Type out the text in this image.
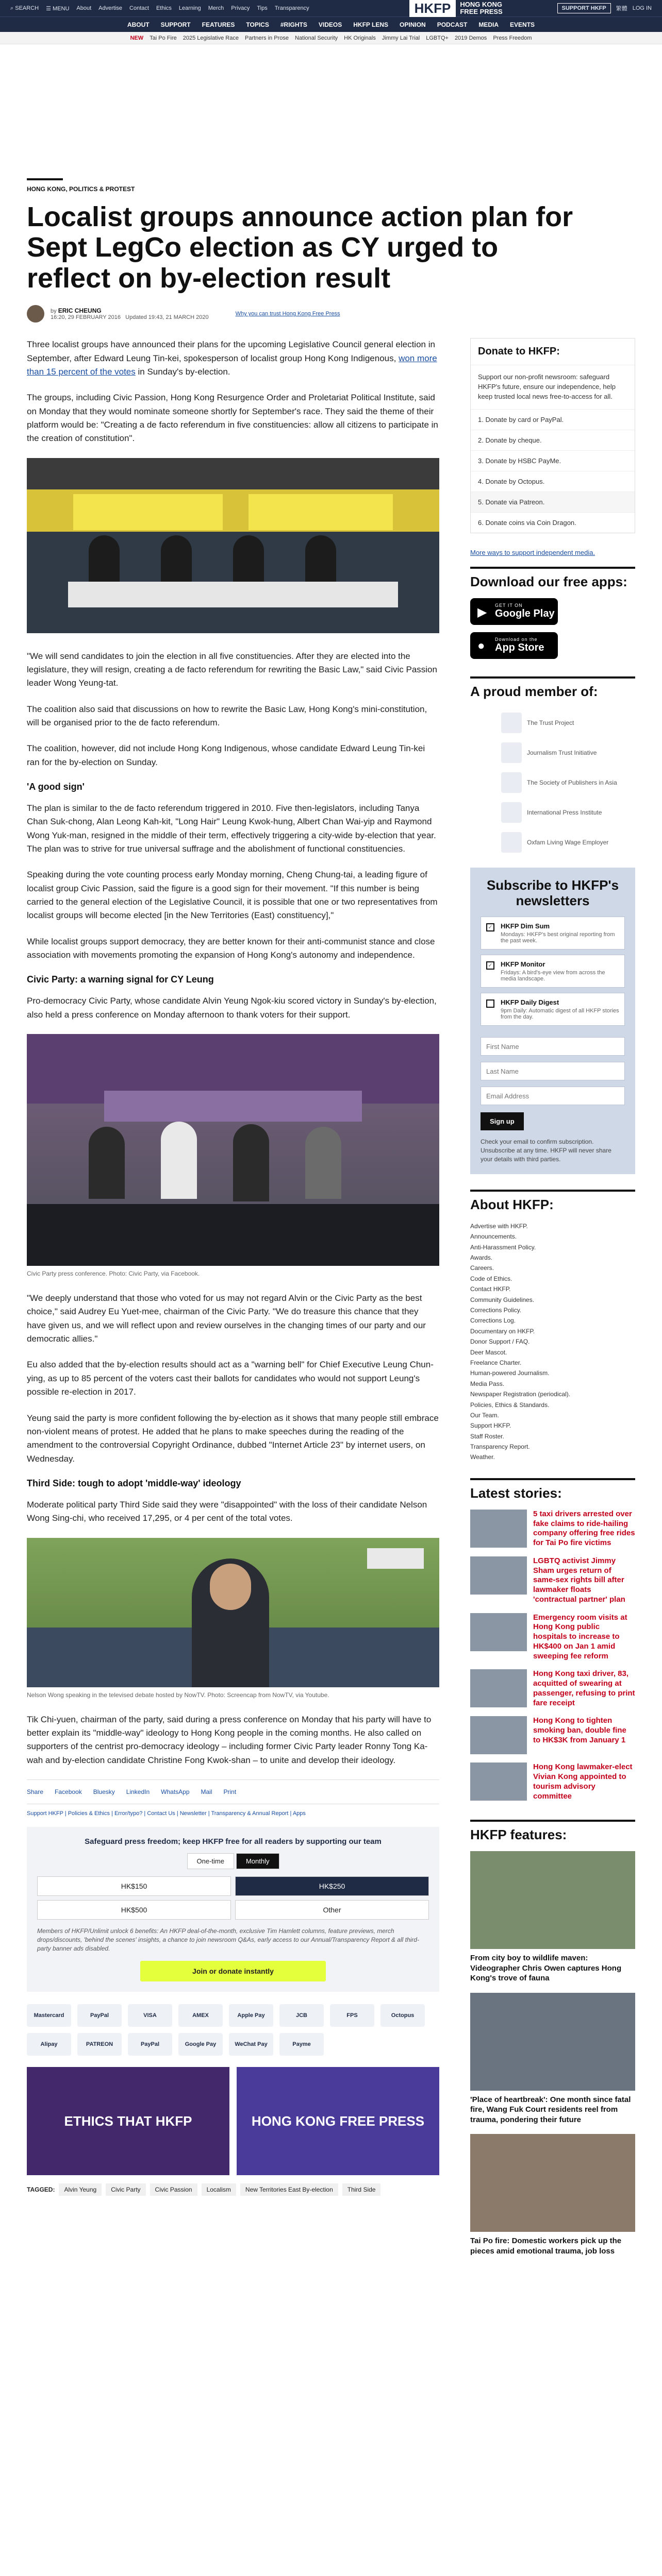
⌕ SEARCH ☰ MENU About Advertise Contact Ethics Learning Merch Privacy Tips Transparency	HKFP	HONG KONG
FREE PRESS	SUPPORT HKFP	繁體 LOG IN
ABOUT SUPPORT FEATURES TOPICS #RIGHTS VIDEOS HKFP LENS OPINION PODCAST MEDIA EVENTS
NEW Tai Po Fire 2025 Legislative Race Partners in Prose National Security HK Originals Jimmy Lai Trial LGBTQ+ 2019 Demos Press Freedom
HONG KONG, POLITICS & PROTEST
Localist groups announce action plan for Sept LegCo election as CY urged to reflect on by-election result
by ERIC CHEUNG
16:20, 29 FEBRUARY 2016 Updated 19:43, 21 MARCH 2020
Why you can trust Hong Kong Free Press

Three localist groups have announced their plans for the upcoming Legislative Council general election in September, after Edward Leung Tin-kei, spokesperson of localist group Hong Kong Indigenous, won more than 15 percent of the votes in Sunday's by-election.

The groups, including Civic Passion, Hong Kong Resurgence Order and Proletariat Political Institute, said on Monday that they would nominate someone shortly for September's race. They said the theme of their platform would be: "Creating a de facto referendum in five constituencies: allow all citizens to participate in the creation of constitution".

"We will send candidates to join the election in all five constituencies. After they are elected into the legislature, they will resign, creating a de facto referendum for rewriting the Basic Law," said Civic Passion leader Wong Yeung-tat.

The coalition also said that discussions on how to rewrite the Basic Law, Hong Kong's mini-constitution, will be organised prior to the de facto referendum.

The coalition, however, did not include Hong Kong Indigenous, whose candidate Edward Leung Tin-kei ran for the by-election on Sunday.

'A good sign'

The plan is similar to the de facto referendum triggered in 2010. Five then-legislators, including Tanya Chan Suk-chong, Alan Leong Kah-kit, "Long Hair" Leung Kwok-hung, Albert Chan Wai-yip and Raymond Wong Yuk-man, resigned in the middle of their term, effectively triggering a city-wide by-election that year. The plan was to strive for true universal suffrage and the abolishment of functional constituencies.

Speaking during the vote counting process early Monday morning, Cheng Chung-tai, a leading figure of localist group Civic Passion, said the figure is a good sign for their movement. "If this number is being carried to the general election of the Legislative Council, it is possible that one or two representatives from localist groups will become elected [in the New Territories (East) constituency],"

While localist groups support democracy, they are better known for their anti-communist stance and close association with movements promoting the expansion of Hong Kong's autonomy and independence.

Civic Party: a warning signal for CY Leung

Pro-democracy Civic Party, whose candidate Alvin Yeung Ngok-kiu scored victory in Sunday's by-election, also held a press conference on Monday afternoon to thank voters for their support.

Civic Party press conference. Photo: Civic Party, via Facebook.

"We deeply understand that those who voted for us may not regard Alvin or the Civic Party as the best choice," said Audrey Eu Yuet-mee, chairman of the Civic Party. "We do treasure this chance that they have given us, and we will reflect upon and review ourselves in the changing times of our party and our democratic allies."

Eu also added that the by-election results should act as a "warning bell" for Chief Executive Leung Chun-ying, as up to 85 percent of the voters cast their ballots for candidates who would not support Leung's possible re-election in 2017.

Yeung said the party is more confident following the by-election as it shows that many people still embrace non-violent means of protest. He added that he plans to make speeches during the reading of the amendment to the controversial Copyright Ordinance, dubbed "Internet Article 23" by internet users, on Wednesday.

Third Side: tough to adopt 'middle-way' ideology

Moderate political party Third Side said they were "disappointed" with the loss of their candidate Nelson Wong Sing-chi, who received 17,295, or 4 per cent of the total votes.

Nelson Wong speaking in the televised debate hosted by NowTV. Photo: Screencap from NowTV, via Youtube.

Tik Chi-yuen, chairman of the party, said during a press conference on Monday that his party will have to better explain its "middle-way" ideology to Hong Kong people in the coming months. He also called on supporters of the centrist pro-democracy ideology – including former Civic Party leader Ronny Tong Ka-wah and by-election candidate Christine Fong Kwok-shan – to unite and develop their ideology.

Share Facebook Bluesky LinkedIn WhatsApp Mail Print
Support HKFP | Policies & Ethics | Error/typo? | Contact Us | Newsletter | Transparency & Annual Report | Apps
Safeguard press freedom; keep HKFP free for all readers by supporting our team
One-time	Monthly
HK$150	HK$250
HK$500	Other
Members of HKFP/Unlimit unlock 6 benefits: An HKFP deal-of-the-month, exclusive Tim Hamlett columns, feature previews, merch drops/discounts, 'behind the scenes' insights, a chance to join newsroom Q&As, early access to our Annual/Transparency Report & all third-party banner ads disabled.
Join or donate instantly
Mastercard	PayPal	VISA	AMEX	Apple Pay	JCB	FPS	Octopus
Alipay	PATREON	PayPal	Google Pay	WeChat Pay	Payme
ETHICS THAT HKFP	HONG KONG FREE PRESS
TAGGED:	Alvin Yeung	Civic Party	Civic Passion	Localism	New Territories East By-election	Third Side
Donate to HKFP:
Support our non-profit newsroom: safeguard HKFP's future, ensure our independence, help keep trusted local news free-to-access for all.
1. Donate by card or PayPal.
2. Donate by cheque.
3. Donate by HSBC PayMe.
4. Donate by Octopus.
5. Donate via Patreon.
6. Donate coins via Coin Dragon.
More ways to support independent media.
Download our free apps:
▶ GET IT ON
Google Play
● Download on the
App Store
A proud member of:
The Trust Project
Journalism Trust Initiative
The Society of Publishers in Asia
International Press Institute
Oxfam Living Wage Employer
Subscribe to HKFP's newsletters
✓ HKFP Dim Sum
Mondays: HKFP's best original reporting from the past week.
✓ HKFP Monitor
Fridays: A bird's-eye view from across the media landscape.
HKFP Daily Digest
9pm Daily: Automatic digest of all HKFP stories from the day.
First Name Last Name Email Address Sign up
Check your email to confirm subscription. Unsubscribe at any time. HKFP will never share your details with third parties.
About HKFP:
Advertise with HKFP.
Announcements.
Anti-Harassment Policy.
Awards.
Careers.
Code of Ethics.
Contact HKFP.
Community Guidelines.
Corrections Policy.
Corrections Log.
Documentary on HKFP.
Donor Support / FAQ.
Deer Mascot.
Freelance Charter.
Human-powered Journalism.
Media Pass.
Newspaper Registration (periodical).
Policies, Ethics & Standards.
Our Team.
Support HKFP.
Staff Roster.
Transparency Report.
Weather.
Latest stories:
5 taxi drivers arrested over fake claims to ride-hailing company offering free rides for Tai Po fire victims
LGBTQ activist Jimmy Sham urges return of same-sex rights bill after lawmaker floats 'contractual partner' plan
Emergency room visits at Hong Kong public hospitals to increase to HK$400 on Jan 1 amid sweeping fee reform
Hong Kong taxi driver, 83, acquitted of swearing at passenger, refusing to print fare receipt
Hong Kong to tighten smoking ban, double fine to HK$3K from January 1
Hong Kong lawmaker-elect Vivian Kong appointed to tourism advisory committee
HKFP features:
From city boy to wildlife maven: Videographer Chris Owen captures Hong Kong's trove of fauna
'Place of heartbreak': One month since fatal fire, Wang Fuk Court residents reel from trauma, pondering their future
Tai Po fire: Domestic workers pick up the pieces amid emotional trauma, job loss
